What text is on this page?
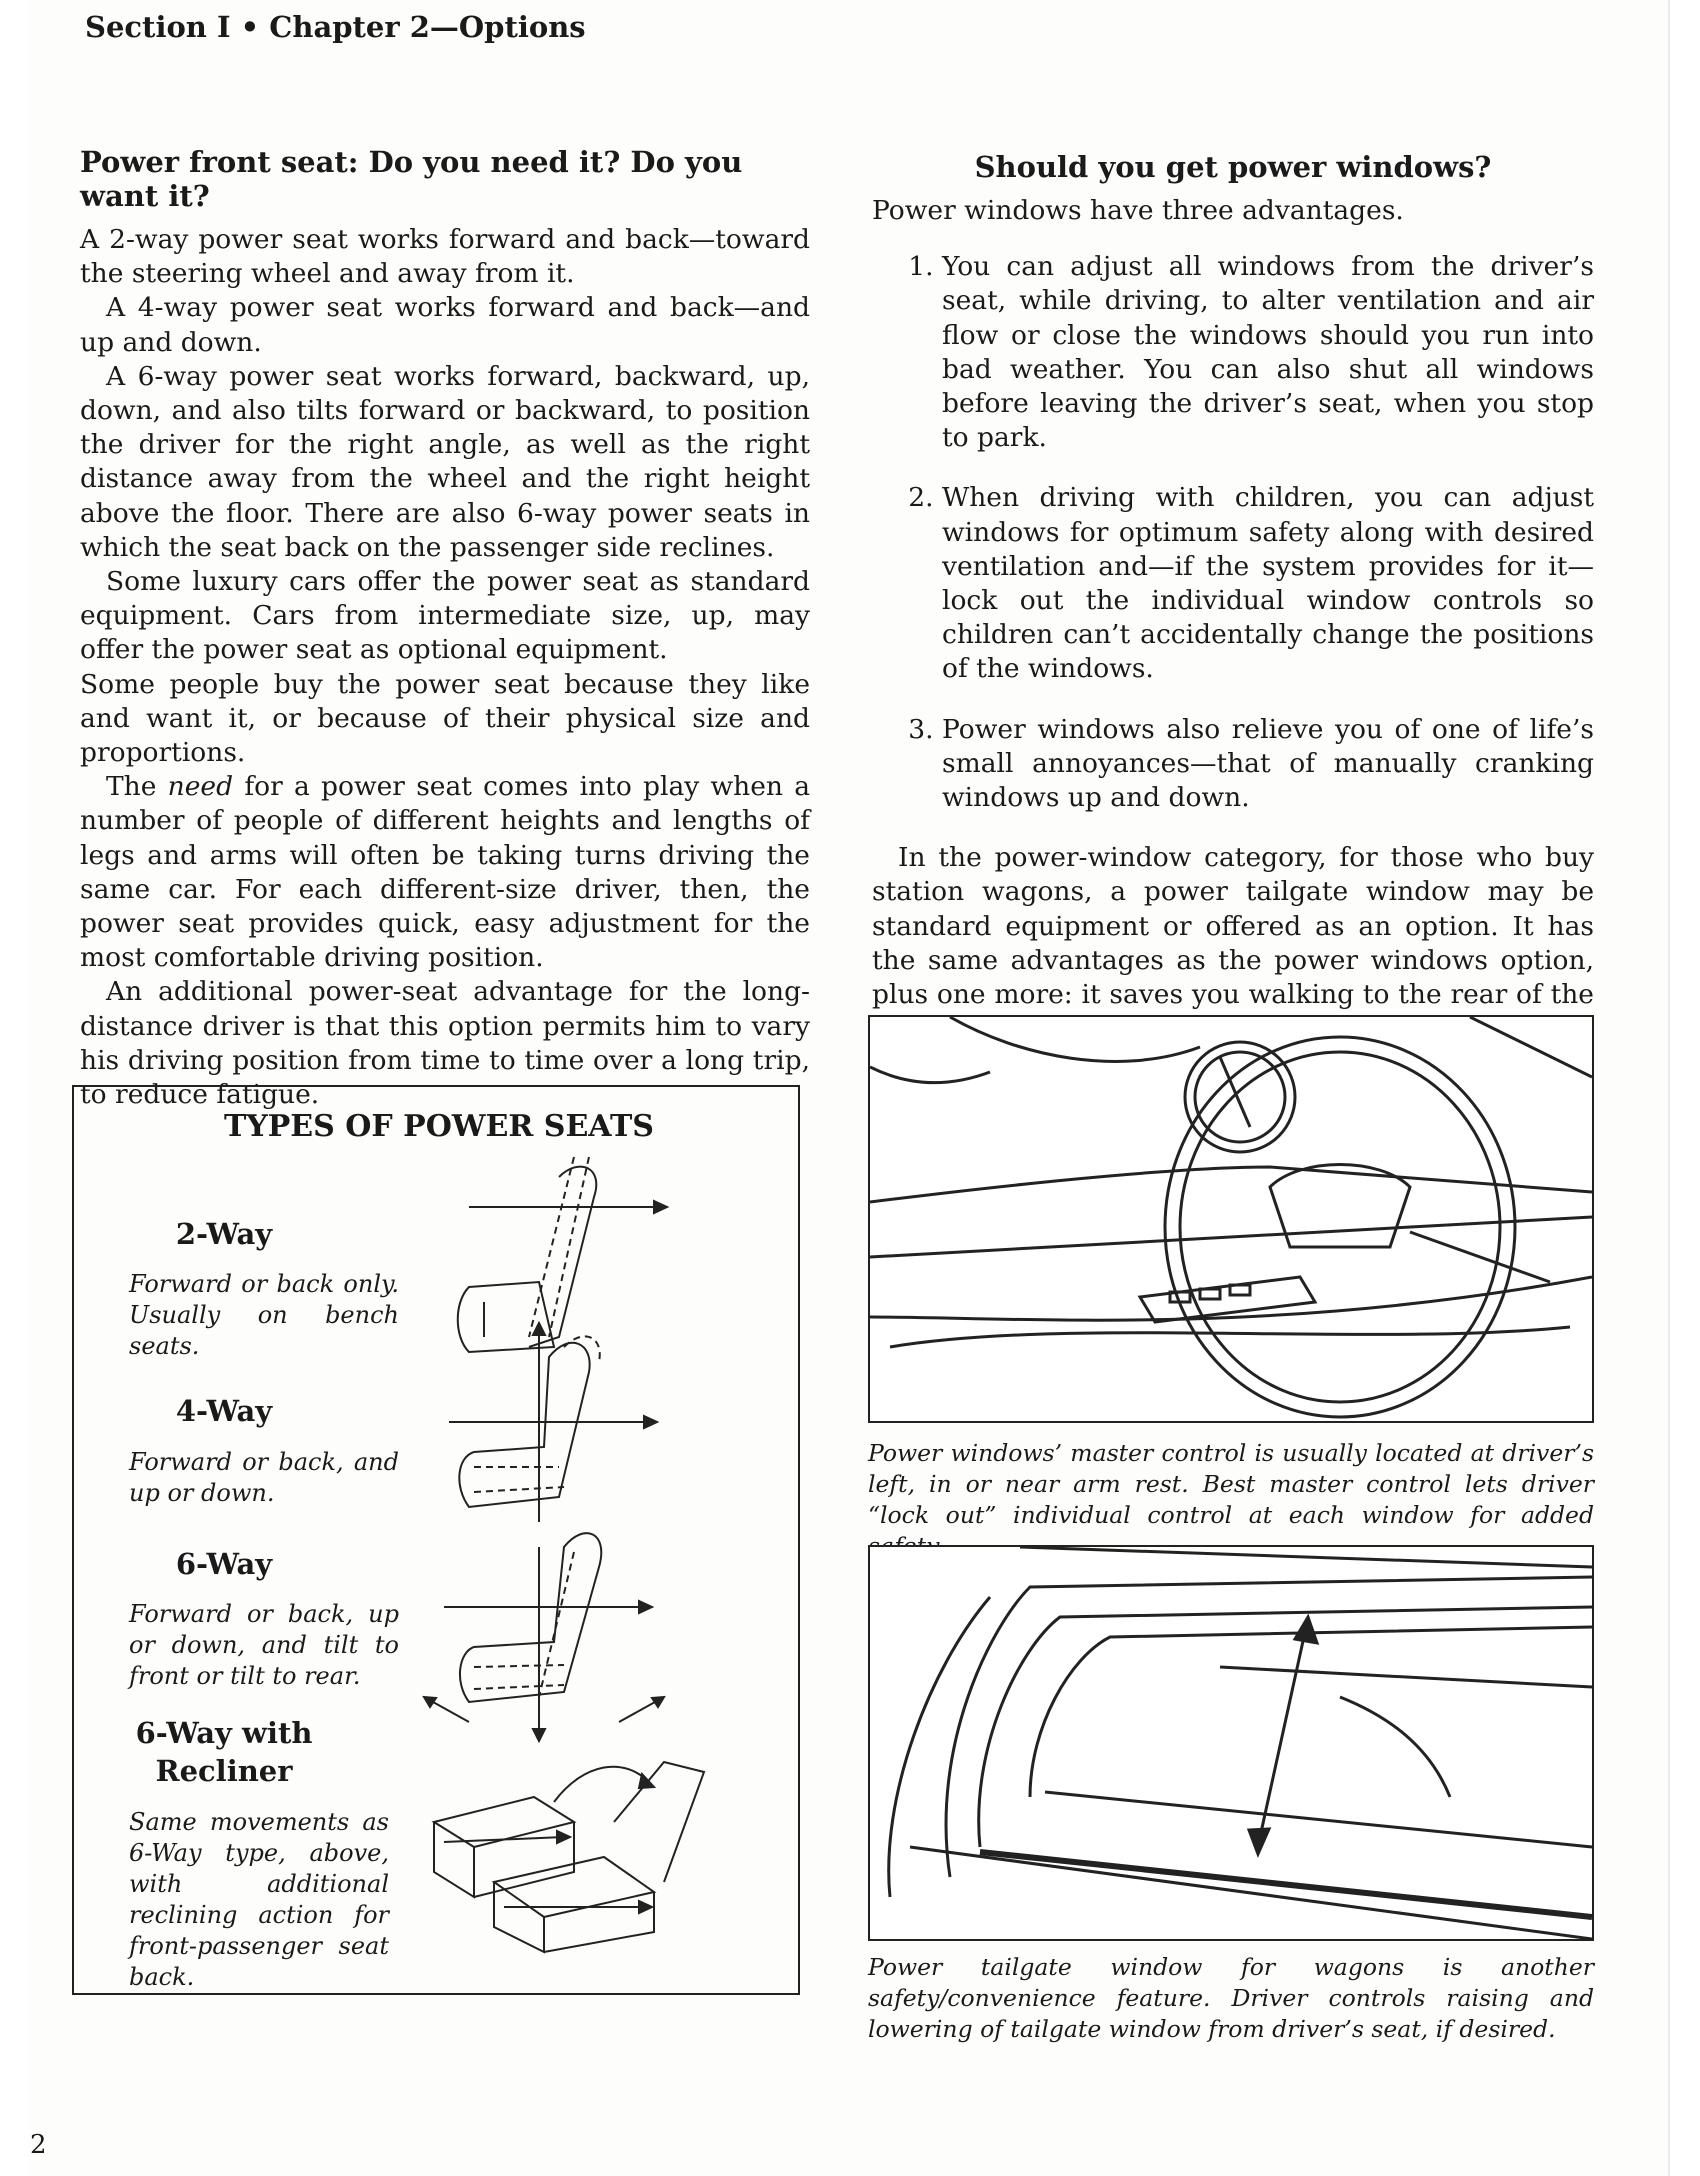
Section I • Chapter 2—Options
Power front seat: Do you need it? Do you want it?

A 2-way power seat works forward and back—toward the steering wheel and away from it.

A 4-way power seat works forward and back—and up and down.

A 6-way power seat works forward, backward, up, down, and also tilts forward or backward, to position the driver for the right angle, as well as the right distance away from the wheel and the right height above the floor. There are also 6-way power seats in which the seat back on the passenger side reclines.

Some luxury cars offer the power seat as standard equipment. Cars from intermediate size, up, may offer the power seat as optional equipment.

Some people buy the power seat because they like and want it, or because of their physical size and proportions.

The need for a power seat comes into play when a number of people of different heights and lengths of legs and arms will often be taking turns driving the same car. For each different-size driver, then, the power seat provides quick, easy adjustment for the most comfortable driving position.

An additional power-seat advantage for the long-distance driver is that this option permits him to vary his driving position from time to time over a long trip, to reduce fatigue.

TYPES OF POWER SEATS
2-Way
Forward or back only. Usually on bench seats.
4-Way
Forward or back, and up or down.
6-Way
Forward or back, up or down, and tilt to front or tilt to rear.
6-Way with Recliner
Same movements as 6-Way type, above, with additional reclining action for front-passenger seat back.
Should you get power windows?

Power windows have three advantages.

1. You can adjust all windows from the driver’s seat, while driving, to alter ventilation and air flow or close the windows should you run into bad weather. You can also shut all windows before leaving the driver’s seat, when you stop to park.
2. When driving with children, you can adjust windows for optimum safety along with desired ventilation and—if the system provides for it—lock out the individual window controls so children can’t accidentally change the positions of the windows.
3. Power windows also relieve you of one of life’s small annoyances—that of manually cranking windows up and down.

In the power-window category, for those who buy station wagons, a power tailgate window may be standard equipment or offered as an option. It has the same advantages as the power windows option, plus one more: it saves you walking to the rear of the

Power windows’ master control is usually located at driver’s left, in or near arm rest. Best master control lets driver “lock out” individual control at each window for added
Power tailgate window for wagons is another safety/convenience feature. Driver controls raising and lowering of tailgate window from driver’s seat, if desired.
2
